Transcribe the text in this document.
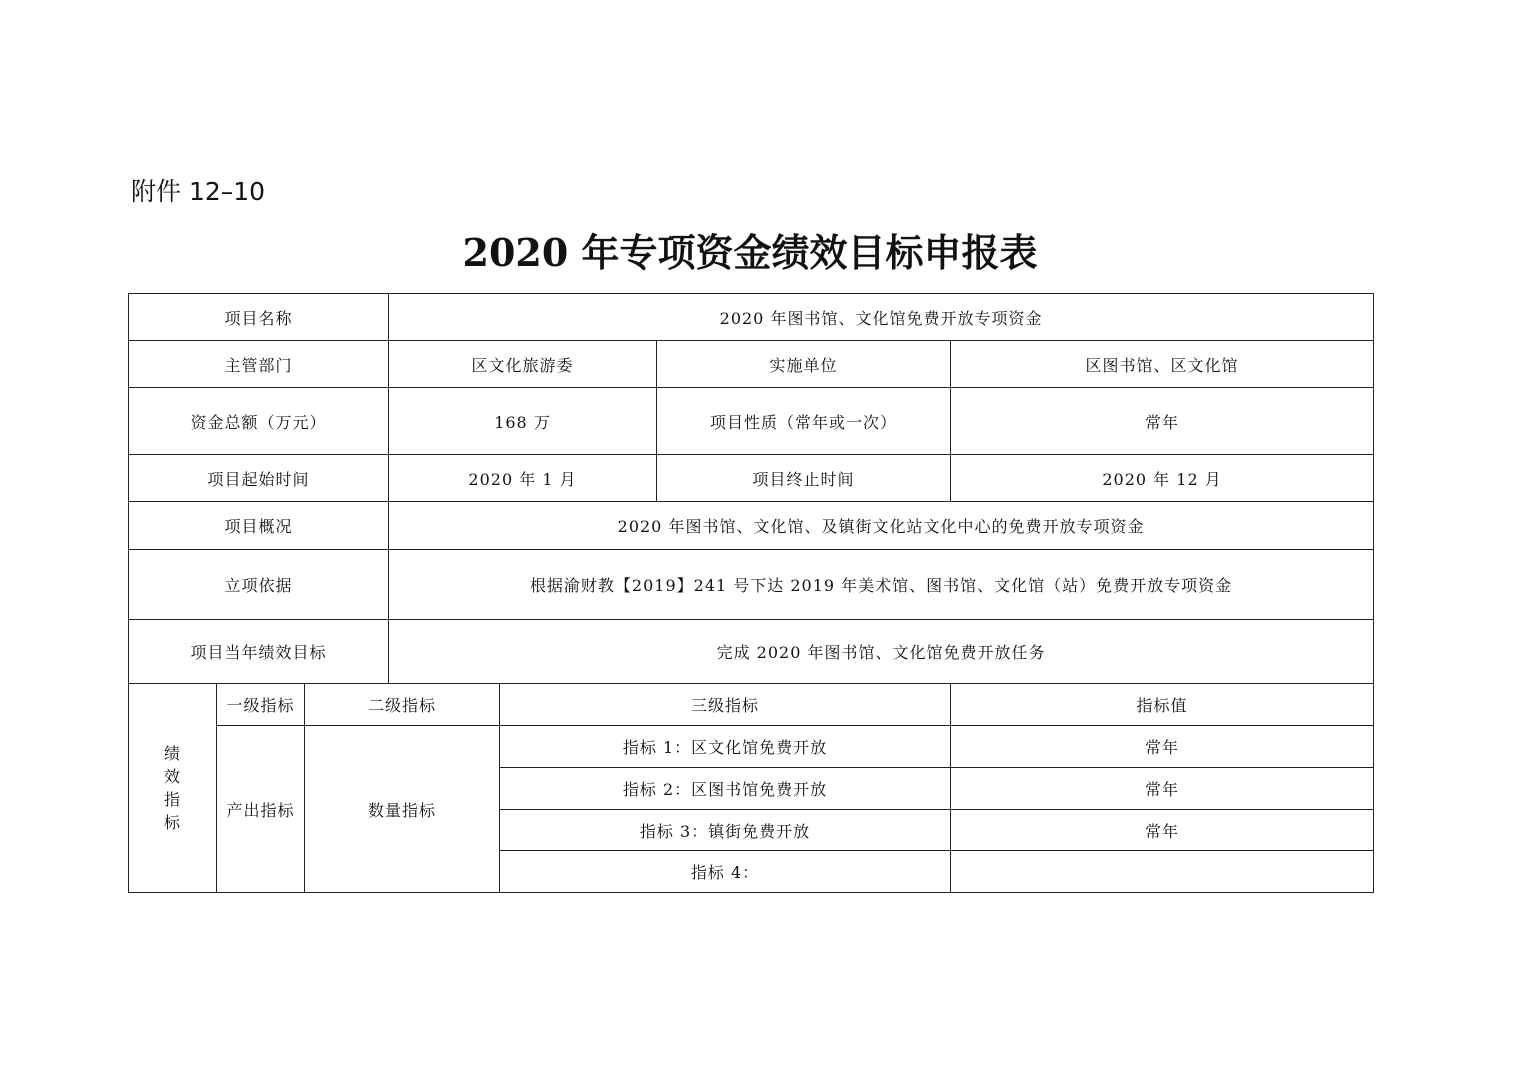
附件 12–10
2020 年专项资金绩效目标申报表
项目名称			2020 年图书馆、文化馆免费开放专项资金			
主管部门			区文化旅游委		实施单位	区图书馆、区文化馆
资金总额（万元）			168 万		项目性质（常年或一次）	常年
项目起始时间			2020 年 1 月		项目终止时间	2020 年 12 月
项目概况			2020 年图书馆、文化馆、及镇街文化站文化中心的免费开放专项资金			
立项依据			根据渝财教【2019】241 号下达 2019 年美术馆、图书馆、文化馆（站）免费开放专项资金			
项目当年绩效目标			完成 2020 年图书馆、文化馆免费开放任务			

绩
效
指
标	一级指标	二级指标		三级指标		指标值
	产出指标	数量指标		指标 1：区文化馆免费开放		常年
				指标 2：区图书馆免费开放		常年
				指标 3：镇街免费开放		常年
				指标 4：		
